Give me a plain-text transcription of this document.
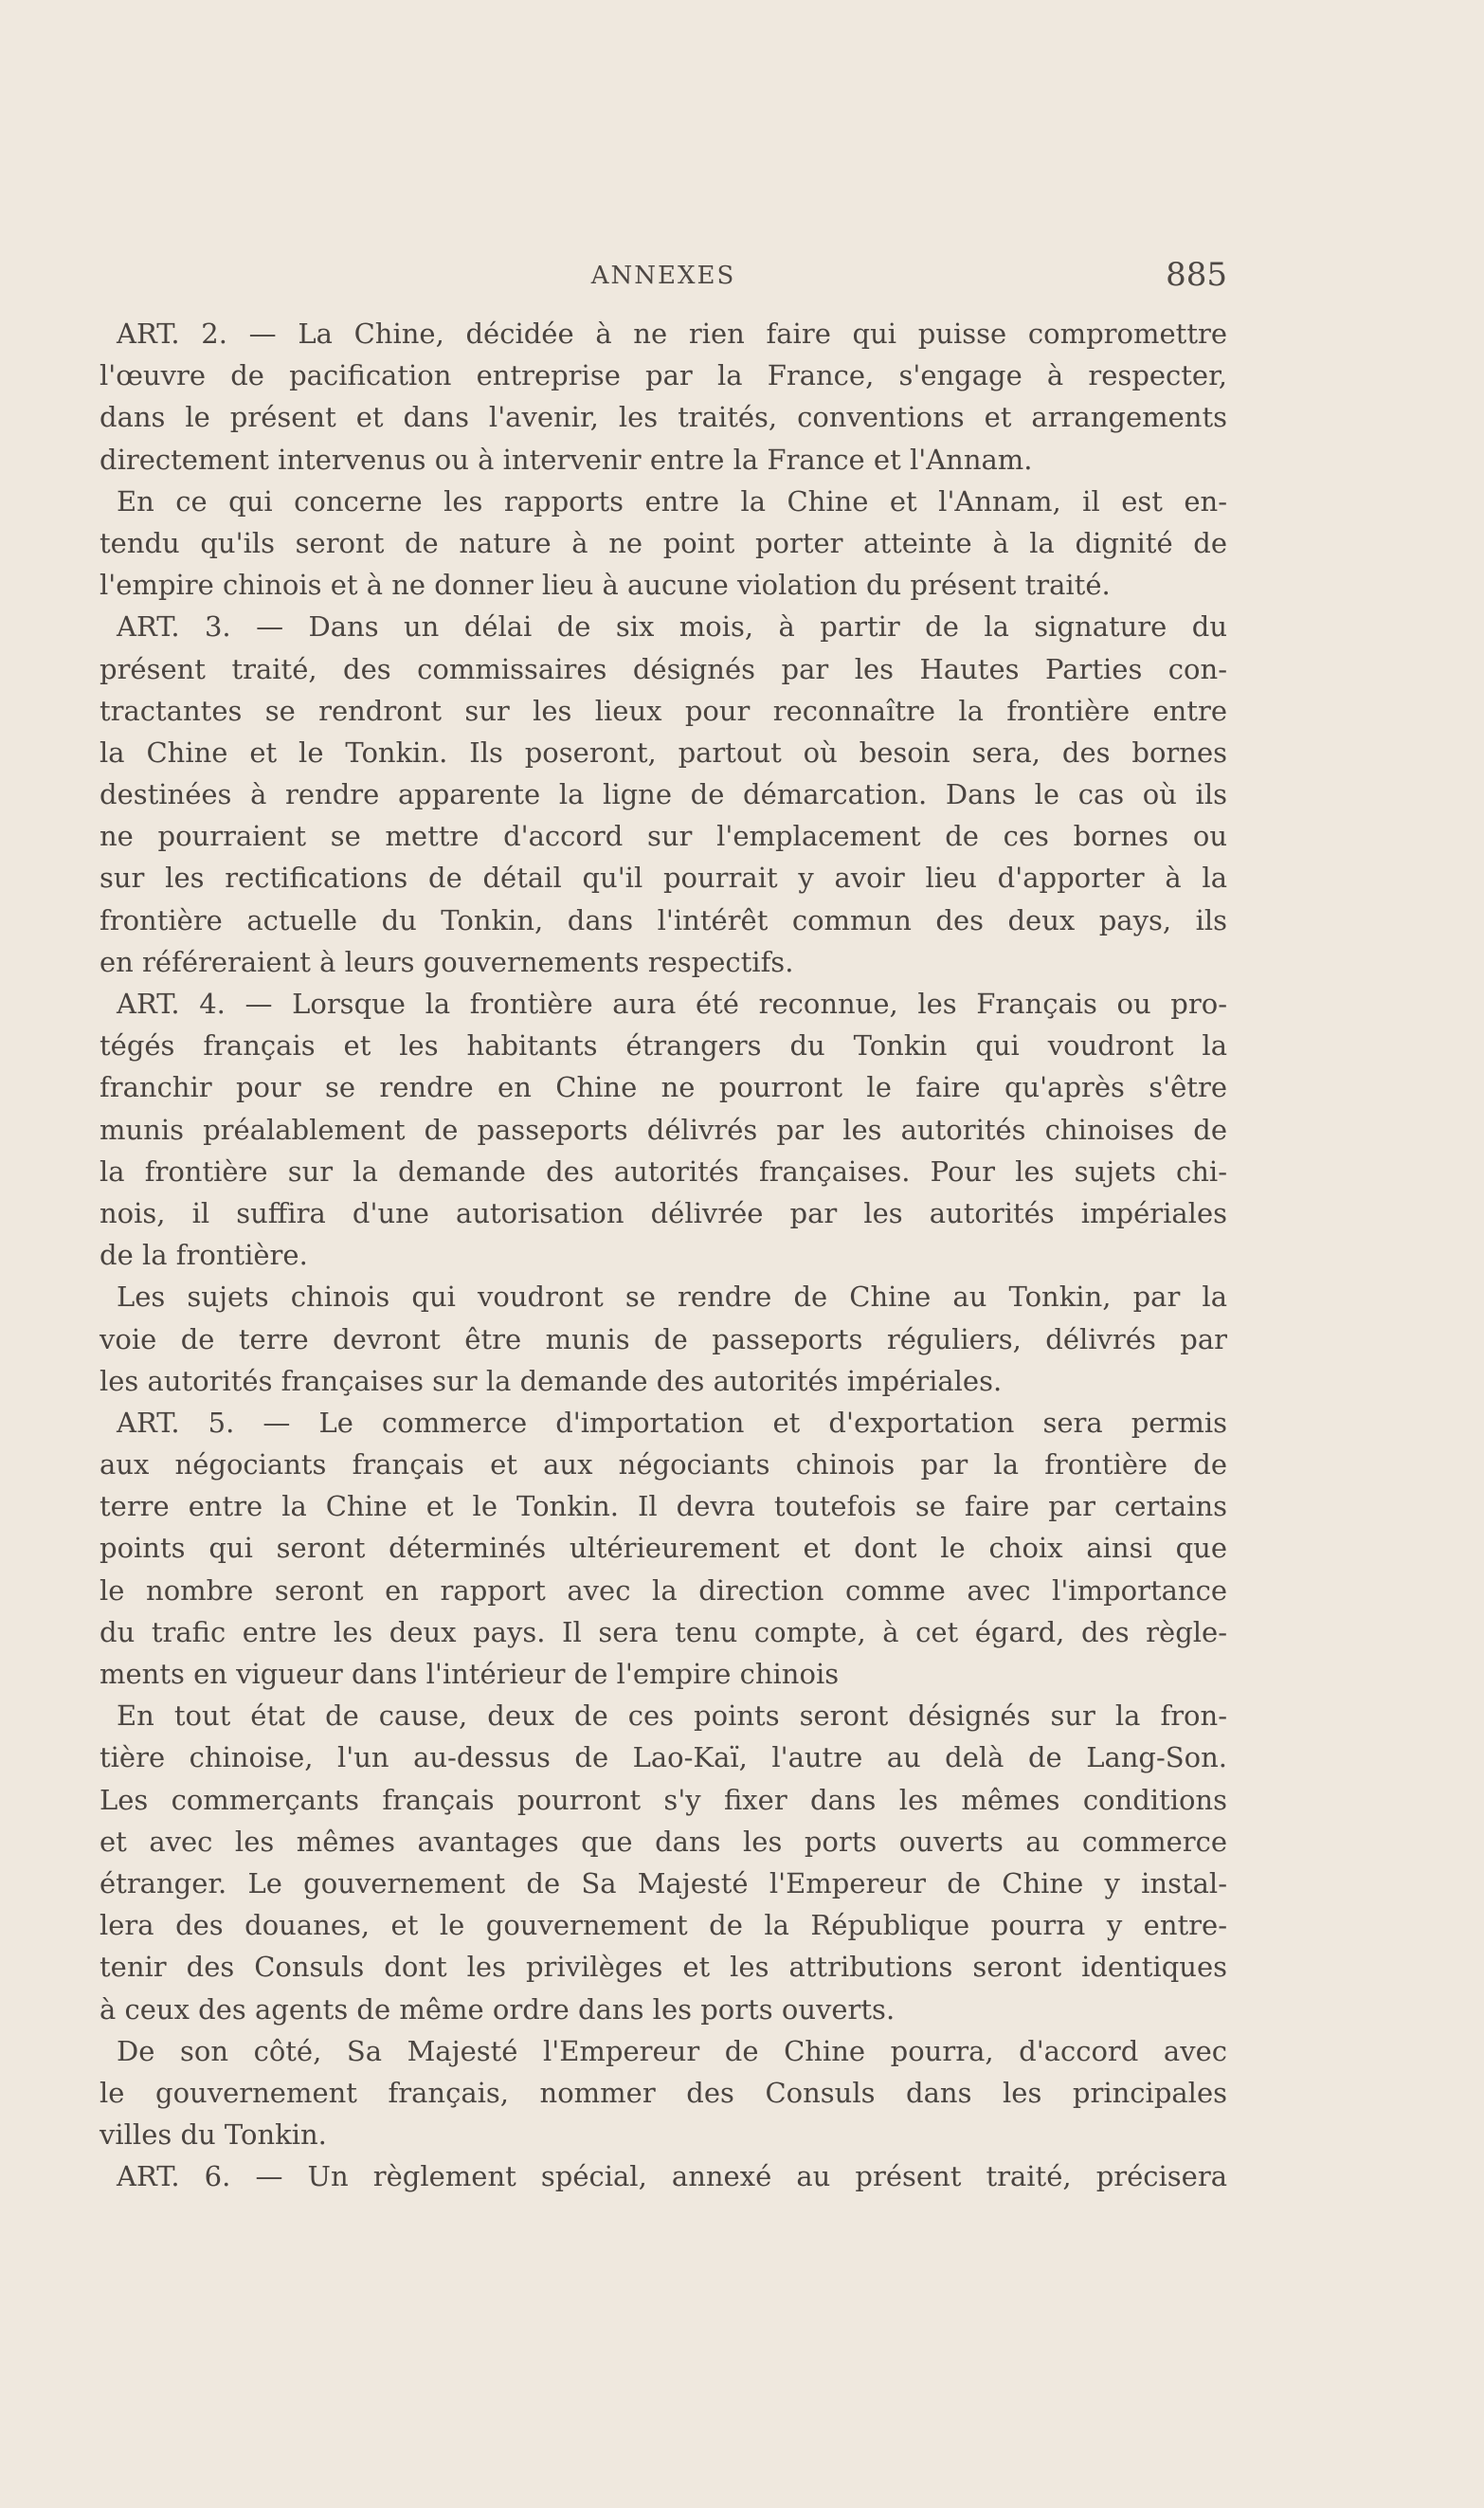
ANNEXES	885
ART. 2. — La Chine, décidée à ne rien faire qui puisse compromettre
l'œuvre de pacification entreprise par la France, s'engage à respecter,
dans le présent et dans l'avenir, les traités, conventions et arrangements
directement intervenus ou à intervenir entre la France et l'Annam.
En ce qui concerne les rapports entre la Chine et l'Annam, il est en-
tendu qu'ils seront de nature à ne point porter atteinte à la dignité de
l'empire chinois et à ne donner lieu à aucune violation du présent traité.
ART. 3. — Dans un délai de six mois, à partir de la signature du
présent traité, des commissaires désignés par les Hautes Parties con-
tractantes se rendront sur les lieux pour reconnaître la frontière entre
la Chine et le Tonkin. Ils poseront, partout où besoin sera, des bornes
destinées à rendre apparente la ligne de démarcation. Dans le cas où ils
ne pourraient se mettre d'accord sur l'emplacement de ces bornes ou
sur les rectifications de détail qu'il pourrait y avoir lieu d'apporter à la
frontière actuelle du Tonkin, dans l'intérêt commun des deux pays, ils
en référeraient à leurs gouvernements respectifs.
ART. 4. — Lorsque la frontière aura été reconnue, les Français ou pro-
tégés français et les habitants étrangers du Tonkin qui voudront la
franchir pour se rendre en Chine ne pourront le faire qu'après s'être
munis préalablement de passeports délivrés par les autorités chinoises de
la frontière sur la demande des autorités françaises. Pour les sujets chi-
nois, il suffira d'une autorisation délivrée par les autorités impériales
de la frontière.
Les sujets chinois qui voudront se rendre de Chine au Tonkin, par la
voie de terre devront être munis de passeports réguliers, délivrés par
les autorités françaises sur la demande des autorités impériales.
ART. 5. — Le commerce d'importation et d'exportation sera permis
aux négociants français et aux négociants chinois par la frontière de
terre entre la Chine et le Tonkin. Il devra toutefois se faire par certains
points qui seront déterminés ultérieurement et dont le choix ainsi que
le nombre seront en rapport avec la direction comme avec l'importance
du trafic entre les deux pays. Il sera tenu compte, à cet égard, des règle-
ments en vigueur dans l'intérieur de l'empire chinois
En tout état de cause, deux de ces points seront désignés sur la fron-
tière chinoise, l'un au-dessus de Lao-Kaï, l'autre au delà de Lang-Son.
Les commerçants français pourront s'y fixer dans les mêmes conditions
et avec les mêmes avantages que dans les ports ouverts au commerce
étranger. Le gouvernement de Sa Majesté l'Empereur de Chine y instal-
lera des douanes, et le gouvernement de la République pourra y entre-
tenir des Consuls dont les privilèges et les attributions seront identiques
à ceux des agents de même ordre dans les ports ouverts.
De son côté, Sa Majesté l'Empereur de Chine pourra, d'accord avec
le gouvernement français, nommer des Consuls dans les principales
villes du Tonkin.
ART. 6. — Un règlement spécial, annexé au présent traité, précisera
